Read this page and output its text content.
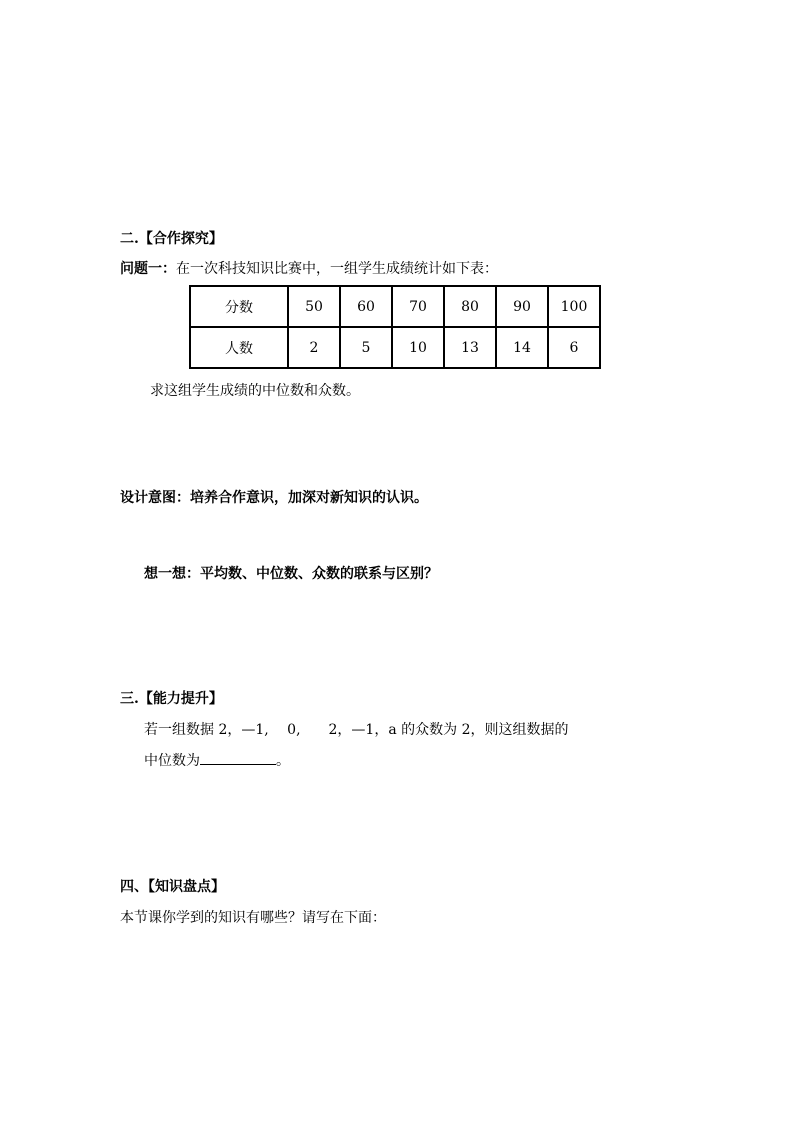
二.【合作探究】
问题一：在一次科技知识比赛中，一组学生成绩统计如下表：
分数	50	60	70	80	90	100
人数	2	5	10	13	14	6
求这组学生成绩的中位数和众数。
设计意图：培养合作意识，加深对新知识的认识。
想一想：平均数、中位数、众数的联系与区别？
三.【能力提升】
若一组数据 2，—1,　 0,　　2，—1，a 的众数为 2，则这组数据的
中位数为	。
四、【知识盘点】
本节课你学到的知识有哪些？请写在下面：
